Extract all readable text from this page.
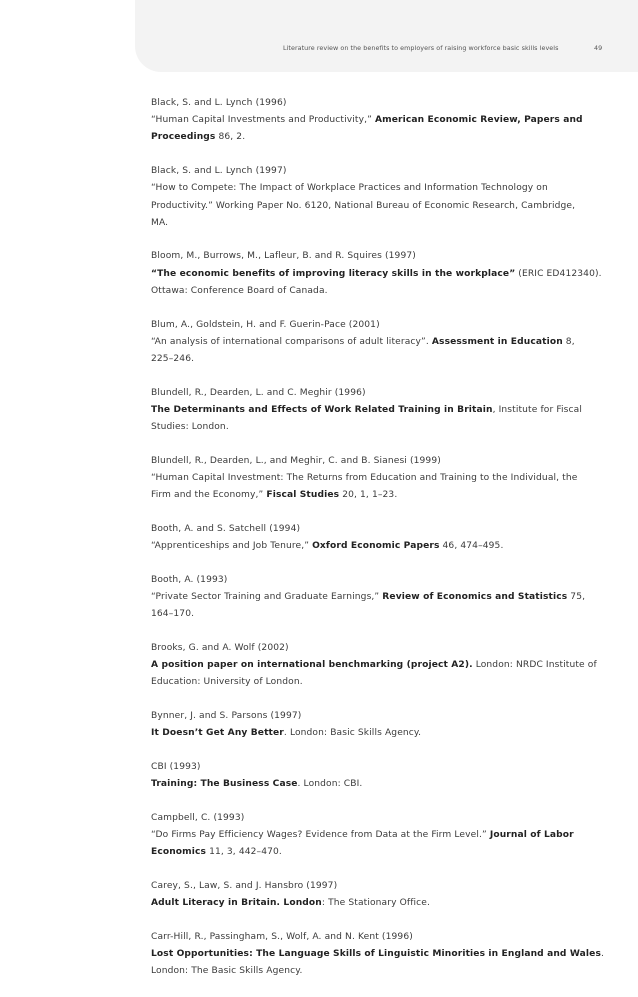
Literature review on the benefits to employers of raising workforce basic skills levels	49
Black, S. and L. Lynch (1996)
“Human Capital Investments and Productivity,” American Economic Review, Papers and
Proceedings 86, 2.
Black, S. and L. Lynch (1997)
“How to Compete: The Impact of Workplace Practices and Information Technology on
Productivity.” Working Paper No. 6120, National Bureau of Economic Research, Cambridge,
MA.
Bloom, M., Burrows, M., Lafleur, B. and R. Squires (1997)
“The economic benefits of improving literacy skills in the workplace” (ERIC ED412340).
Ottawa: Conference Board of Canada.
Blum, A., Goldstein, H. and F. Guerin-Pace (2001)
“An analysis of international comparisons of adult literacy”. Assessment in Education 8,
225–246.
Blundell, R., Dearden, L. and C. Meghir (1996)
The Determinants and Effects of Work Related Training in Britain, Institute for Fiscal
Studies: London.
Blundell, R., Dearden, L., and Meghir, C. and B. Sianesi (1999)
“Human Capital Investment: The Returns from Education and Training to the Individual, the
Firm and the Economy,” Fiscal Studies 20, 1, 1–23.
Booth, A. and S. Satchell (1994)
“Apprenticeships and Job Tenure,” Oxford Economic Papers 46, 474–495.
Booth, A. (1993)
“Private Sector Training and Graduate Earnings,” Review of Economics and Statistics 75,
164–170.
Brooks, G. and A. Wolf (2002)
A position paper on international benchmarking (project A2). London: NRDC Institute of
Education: University of London.
Bynner, J. and S. Parsons (1997)
It Doesn’t Get Any Better. London: Basic Skills Agency.
CBI (1993)
Training: The Business Case. London: CBI.
Campbell, C. (1993)
“Do Firms Pay Efficiency Wages? Evidence from Data at the Firm Level.” Journal of Labor
Economics 11, 3, 442–470.
Carey, S., Law, S. and J. Hansbro (1997)
Adult Literacy in Britain. London: The Stationary Office.
Carr-Hill, R., Passingham, S., Wolf, A. and N. Kent (1996)
Lost Opportunities: The Language Skills of Linguistic Minorities in England and Wales.
London: The Basic Skills Agency.
